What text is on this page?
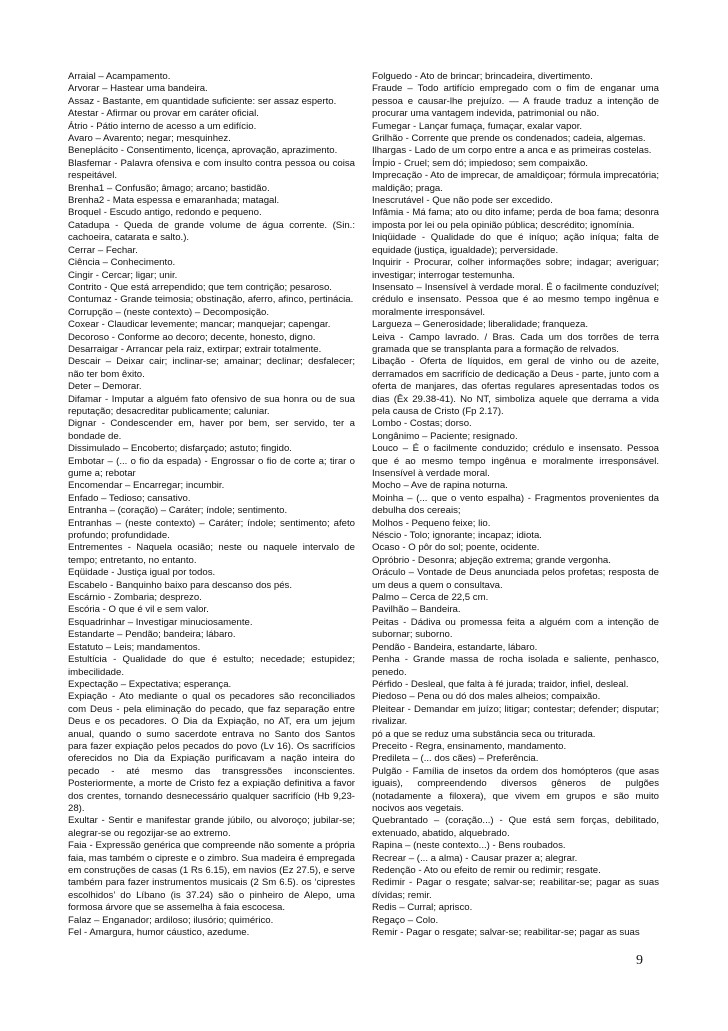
Arraial – Acampamento.

Arvorar – Hastear uma bandeira.

Assaz - Bastante, em quantidade suficiente: ser assaz esperto.

Atestar - Afirmar ou provar em caráter oficial.

Átrio - Pátio interno de acesso a um edifício.

Avaro – Avarento; negar; mesquinhez.

Beneplácito - Consentimento, licença, aprovação, aprazimento.

Blasfemar - Palavra ofensiva e com insulto contra pessoa ou coisa respeitável.

Brenha1 – Confusão; âmago; arcano; bastidão.

Brenha2 - Mata espessa e emaranhada; matagal.

Broquel - Escudo antigo, redondo e pequeno.

Catadupa - Queda de grande volume de água corrente. (Sin.: cachoeira, catarata e salto.).

Cerrar – Fechar.

Ciência – Conhecimento.

Cingir - Cercar; ligar; unir.

Contrito - Que está arrependido; que tem contrição; pesaroso.

Contumaz - Grande teimosia; obstinação, aferro, afinco, pertinácia.

Corrupção – (neste contexto) – Decomposição.

Coxear - Claudicar levemente; mancar; manquejar; capengar.

Decoroso - Conforme ao decoro; decente, honesto, digno.

Desarraigar - Arrancar pela raiz, extirpar; extrair totalmente.

Descair – Deixar cair; inclinar-se; amainar; declinar; desfalecer; não ter bom êxito.

Deter – Demorar.

Difamar - Imputar a alguém fato ofensivo de sua honra ou de sua reputação; desacreditar publicamente; caluniar.

Dignar - Condescender em, haver por bem, ser servido, ter a bondade de.

Dissimulado – Encoberto; disfarçado; astuto; fingido.

Embotar – (... o fio da espada) - Engrossar o fio de corte a; tirar o gume a; rebotar

Encomendar – Encarregar; incumbir.

Enfado – Tedioso; cansativo.

Entranha – (coração) – Caráter; índole; sentimento.

Entranhas – (neste contexto) – Caráter; índole; sentimento; afeto profundo; profundidade.

Entrementes - Naquela ocasião; neste ou naquele intervalo de tempo; entretanto, no entanto.

Eqüidade - Justiça igual por todos.

Escabelo - Banquinho baixo para descanso dos pés.

Escárnio - Zombaria; desprezo.

Escória - O que é vil e sem valor.

Esquadrinhar – Investigar minuciosamente.

Estandarte – Pendão; bandeira; lábaro.

Estatuto – Leis; mandamentos.

Estultícia - Qualidade do que é estulto; necedade; estupidez; imbecilidade.

Expectação – Expectativa; esperança.

Expiação - Ato mediante o qual os pecadores são reconciliados com Deus - pela eliminação do pecado, que faz separação entre Deus e os pecadores. O Dia da Expiação, no AT, era um jejum anual, quando o sumo sacerdote entrava no Santo dos Santos para fazer expiação pelos pecados do povo (Lv 16). Os sacrifícios oferecidos no Dia da Expiação purificavam a nação inteira do pecado - até mesmo das transgressões inconscientes. Posteriormente, a morte de Cristo fez a expiação definitiva a favor dos crentes, tornando desnecessário qualquer sacrifício (Hb 9,23-28).

Exultar - Sentir e manifestar grande júbilo, ou alvoroço; jubilar-se; alegrar-se ou regozijar-se ao extremo.

Faia - Expressão genérica que compreende não somente a própria faia, mas também o cipreste e o zimbro. Sua madeira é empregada em construções de casas (1 Rs 6.15), em navios (Ez 27.5), e serve também para fazer instrumentos musicais (2 Sm 6.5). os ‘ciprestes escolhidos’ do Líbano (is 37.24) são o pinheiro de Alepo, uma formosa árvore que se assemelha à faia escocesa.

Falaz – Enganador; ardiloso; ilusório; quimérico.

Fel - Amargura, humor cáustico, azedume.

Folguedo - Ato de brincar; brincadeira, divertimento.

Fraude – Todo artifício empregado com o fim de enganar uma pessoa e causar-lhe prejuízo. — A fraude traduz a intenção de procurar uma vantagem indevida, patrimonial ou não.

Fumegar - Lançar fumaça, fumaçar, exalar vapor.

Grilhão - Corrente que prende os condenados; cadeia, algemas.

Ilhargas - Lado de um corpo entre a anca e as primeiras costelas.

Ímpio - Cruel; sem dó; impiedoso; sem compaixão.

Imprecação - Ato de imprecar, de amaldiçoar; fórmula imprecatória; maldição; praga.

Inescrutável - Que não pode ser excedido.

Infâmia - Má fama; ato ou dito infame; perda de boa fama; desonra imposta por lei ou pela opinião pública; descrédito; ignomínia.

Iniqüidade - Qualidade do que é iníquo; ação iníqua; falta de equidade (justiça, igualdade); perversidade.

Inquirir - Procurar, colher informações sobre; indagar; averiguar; investigar; interrogar testemunha.

Insensato – Insensível à verdade moral. É o facilmente conduzível; crédulo e insensato. Pessoa que é ao mesmo tempo ingênua e moralmente irresponsável.

Largueza – Generosidade; liberalidade; franqueza.

Leiva - Campo lavrado. / Bras. Cada um dos torrões de terra gramada que se transplanta para a formação de relvados.

Libação - Oferta de líquidos, em geral de vinho ou de azeite, derramados em sacrifício de dedicação a Deus - parte, junto com a oferta de manjares, das ofertas regulares apresentadas todos os dias (Êx 29.38-41). No NT, simboliza aquele que derrama a vida pela causa de Cristo (Fp 2.17).

Lombo - Costas; dorso.

Longânimo – Paciente; resignado.

Louco – É o facilmente conduzido; crédulo e insensato. Pessoa que é ao mesmo tempo ingênua e moralmente irresponsável. Insensível à verdade moral.

Mocho – Ave de rapina noturna.

Moinha – (... que o vento espalha) - Fragmentos provenientes da debulha dos cereais;

Molhos - Pequeno feixe; lio.

Néscio - Tolo; ignorante; incapaz; idiota.

Ocaso - O pôr do sol; poente, ocidente.

Opróbrio - Desonra; abjeção extrema; grande vergonha.

Oráculo – Vontade de Deus anunciada pelos profetas; resposta de um deus a quem o consultava.

Palmo – Cerca de 22,5 cm.

Pavilhão – Bandeira.

Peitas - Dádiva ou promessa feita a alguém com a intenção de subornar; suborno.

Pendão - Bandeira, estandarte, lábaro.

Penha - Grande massa de rocha isolada e saliente, penhasco, penedo.

Pérfido - Desleal, que falta à fé jurada; traidor, infiel, desleal.

Piedoso – Pena ou dó dos males alheios; compaixão.

Pleitear - Demandar em juízo; litigar; contestar; defender; disputar; rivalizar.

pó a que se reduz uma substância seca ou triturada.

Preceito - Regra, ensinamento, mandamento.

Predileta – (... dos cães) – Preferência.

Pulgão - Família de insetos da ordem dos homópteros (que asas iguais), compreendendo diversos gêneros de pulgões (notadamente a filoxera), que vivem em grupos e são muito nocivos aos vegetais.

Quebrantado – (coração...) - Que está sem forças, debilitado, extenuado, abatido, alquebrado.

Rapina – (neste contexto...) - Bens roubados.

Recrear – (... a alma) - Causar prazer a; alegrar.

Redenção - Ato ou efeito de remir ou redimir; resgate.

Redimir - Pagar o resgate; salvar-se; reabilitar-se; pagar as suas dívidas; remir.

Redis – Curral; aprisco.

Regaço – Colo.

Remir - Pagar o resgate; salvar-se; reabilitar-se; pagar as suas

9
